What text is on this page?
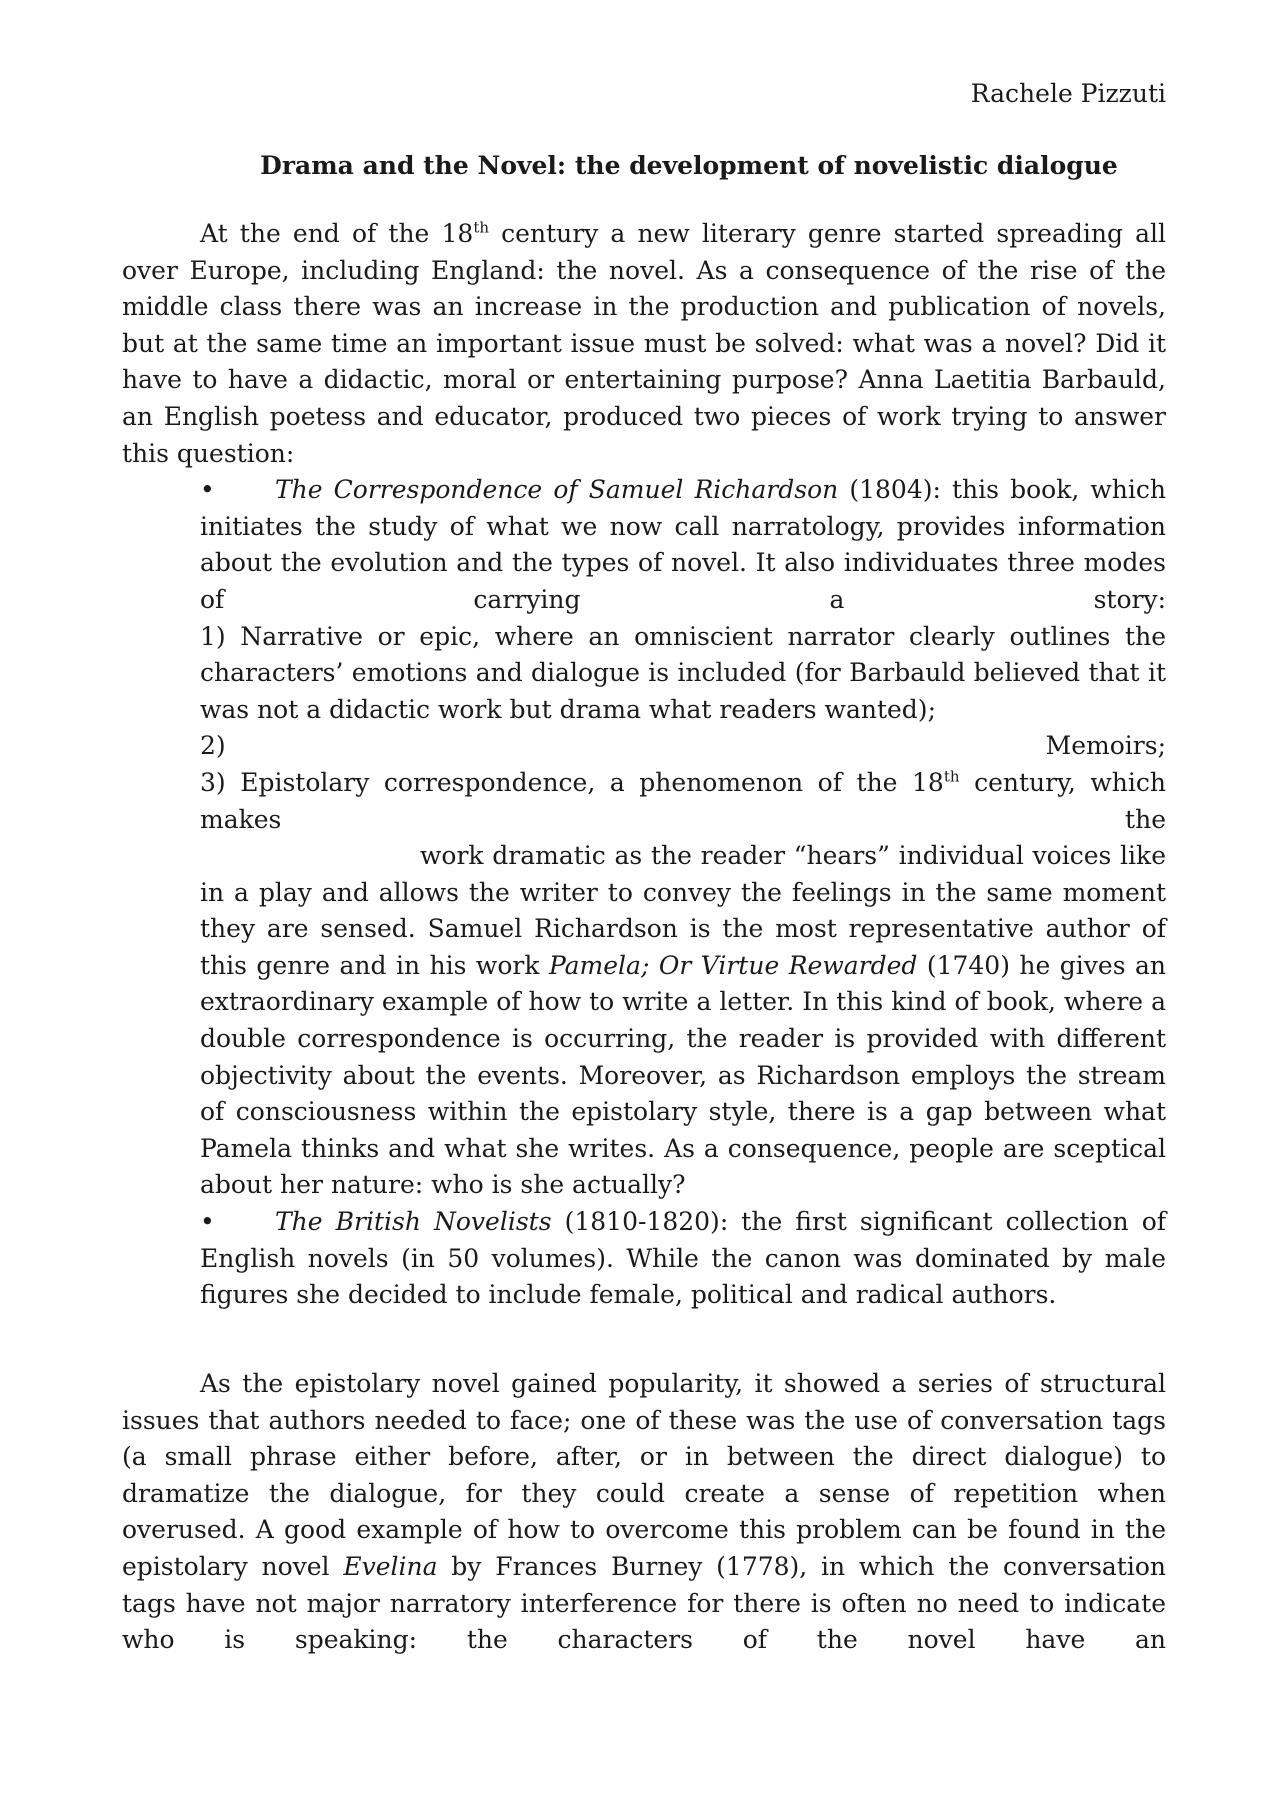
Rachele Pizzuti
Drama and the Novel: the development of novelistic dialogue

At the end of the 18th century a new literary genre started spreading all over Europe, including England: the novel. As a consequence of the rise of the middle class there was an increase in the production and publication of novels, but at the same time an important issue must be solved: what was a novel? Did it have to have a didactic, moral or entertaining purpose? Anna Laetitia Barbauld, an English poetess and educator, produced two pieces of work trying to answer this question:

•	The Correspondence of Samuel Richardson (1804): this book, which initiates the study of what we now call narratology, provides information about the evolution and the types of novel. It also individuates three modes of carrying a story:
1) Narrative or epic, where an omniscient narrator clearly outlines the characters’ emotions and dialogue is included (for Barbauld believed that it was not a didactic work but drama what readers wanted);
2)	Memoirs;
3) Epistolary correspondence, a phenomenon of the 18th century, which makes the
work dramatic as the reader “hears” individual voices like in a play and allows the writer to convey the feelings in the same moment they are sensed. Samuel Richardson is the most representative author of this genre and in his work Pamela; Or Virtue Rewarded (1740) he gives an extraordinary example of how to write a letter. In this kind of book, where a double correspondence is occurring, the reader is provided with different objectivity about the events. Moreover, as Richardson employs the stream of consciousness within the epistolary style, there is a gap between what Pamela thinks and what she writes. As a consequence, people are sceptical about her nature: who is she actually?
•	The British Novelists (1810-1820): the first significant collection of English novels (in 50 volumes). While the canon was dominated by male figures she decided to include female, political and radical authors.

As the epistolary novel gained popularity, it showed a series of structural issues that authors needed to face; one of these was the use of conversation tags (a small phrase either before, after, or in between the direct dialogue) to dramatize the dialogue, for they could create a sense of repetition when overused. A good example of how to overcome this problem can be found in the epistolary novel Evelina by Frances Burney (1778), in which the conversation tags have not major narratory interference for there is often no need to indicate who is speaking: the characters of the novel have an
